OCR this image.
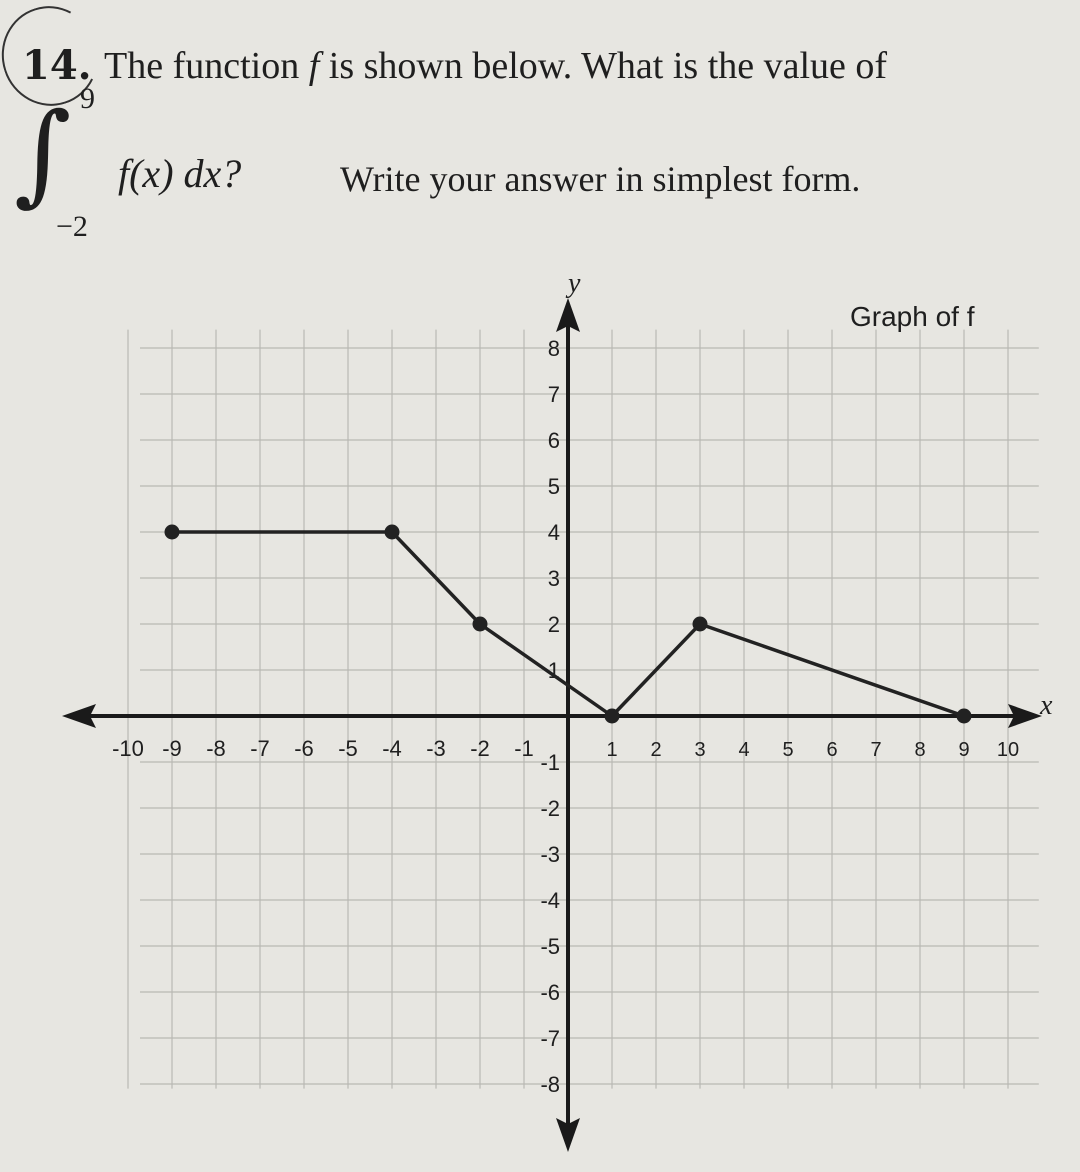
14. The function f is shown below. What is the value of
∫ 9
−2
f(x) dx?	Write your answer in simplest form.
-10 -9 -8 -7 -6 -5 -4 -3 -2 -1	1 2 3 4 5 6 7 8 9 10
8
7
6
5
4
3
2
1
-1
-2
-3
-4
-5
-6
-7
-8
Graph of f
x
y
